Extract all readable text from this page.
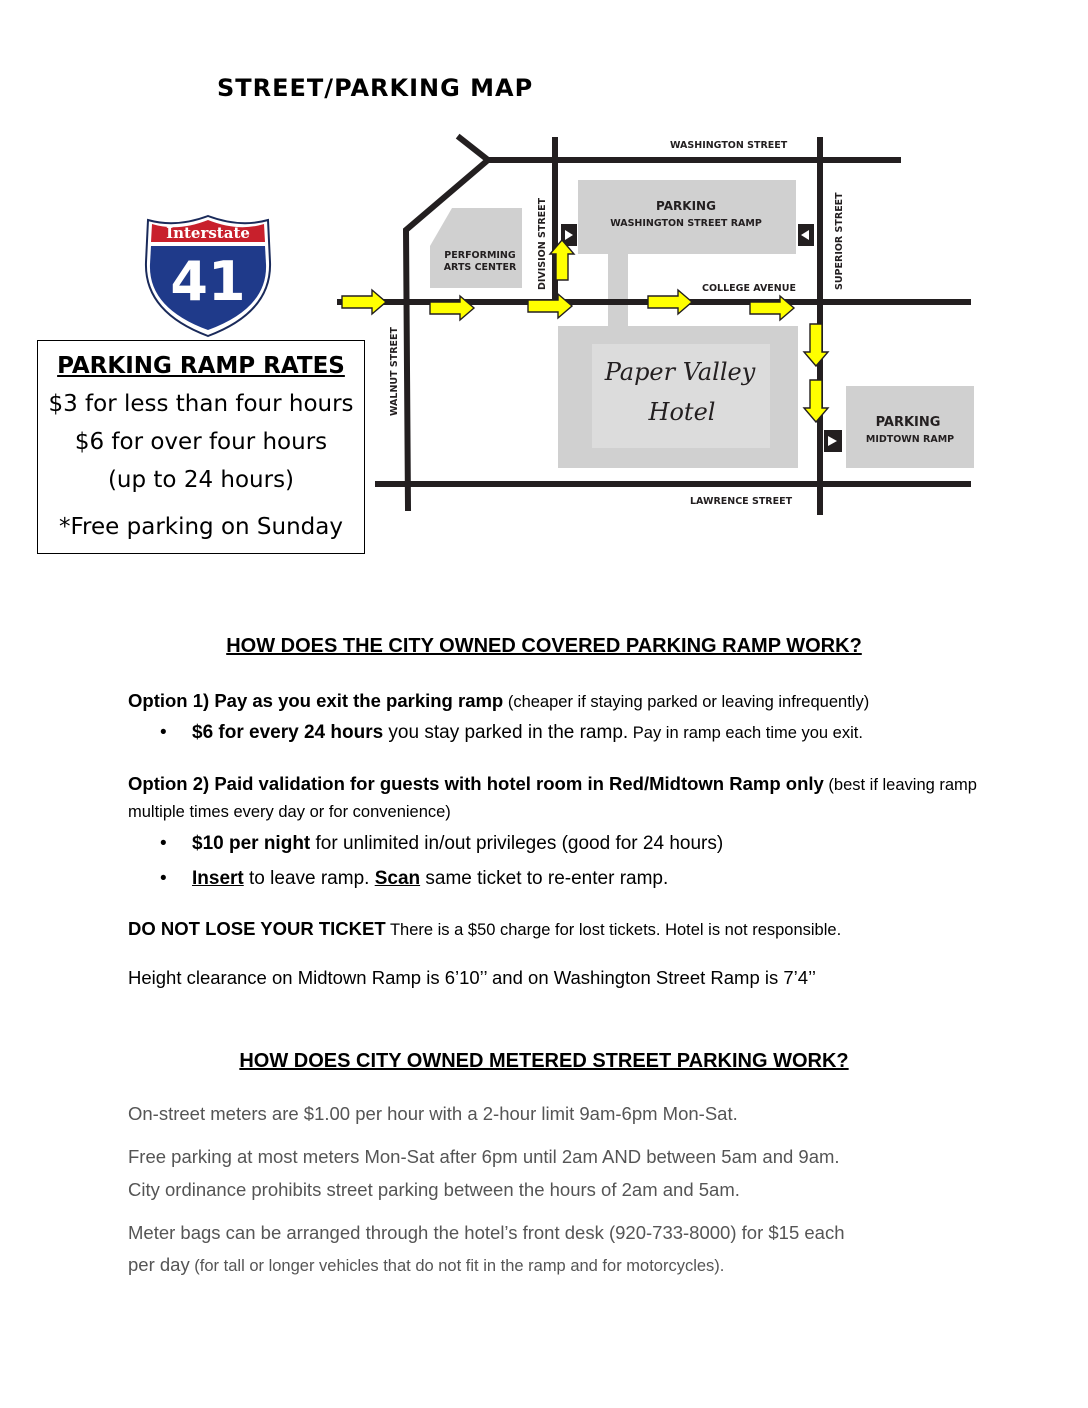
STREET/PARKING MAP
Interstate
41
WASHINGTON STREET
COLLEGE AVENUE
LAWRENCE STREET
WALNUT STREET
DIVISION STREET	SUPERIOR STREET
PERFORMING
ARTS CENTER
PARKING
WASHINGTON STREET RAMP
PARKING
MIDTOWN RAMP
Paper Valley
Hotel
PARKING RAMP RATES
$3 for less than four hours
$6 for over four hours
(up to 24 hours)
*Free parking on Sunday
HOW DOES THE CITY OWNED COVERED PARKING RAMP WORK?
Option 1) Pay as you exit the parking ramp (cheaper if staying parked or leaving infrequently)
• $6 for every 24 hours you stay parked in the ramp. Pay in ramp each time you exit.
Option 2) Paid validation for guests with hotel room in Red/Midtown Ramp only (best if leaving ramp multiple times every day or for convenience)
• $10 per night for unlimited in/out privileges (good for 24 hours)
• Insert to leave ramp. Scan same ticket to re-enter ramp.
DO NOT LOSE YOUR TICKET There is a $50 charge for lost tickets. Hotel is not responsible.
Height clearance on Midtown Ramp is 6’10’’ and on Washington Street Ramp is 7’4’’
HOW DOES CITY OWNED METERED STREET PARKING WORK?
On-street meters are $1.00 per hour with a 2-hour limit 9am-6pm Mon-Sat.
Free parking at most meters Mon-Sat after 6pm until 2am AND between 5am and 9am.
City ordinance prohibits street parking between the hours of 2am and 5am.
Meter bags can be arranged through the hotel’s front desk (920-733-8000) for $15 each
per day (for tall or longer vehicles that do not fit in the ramp and for motorcycles).
